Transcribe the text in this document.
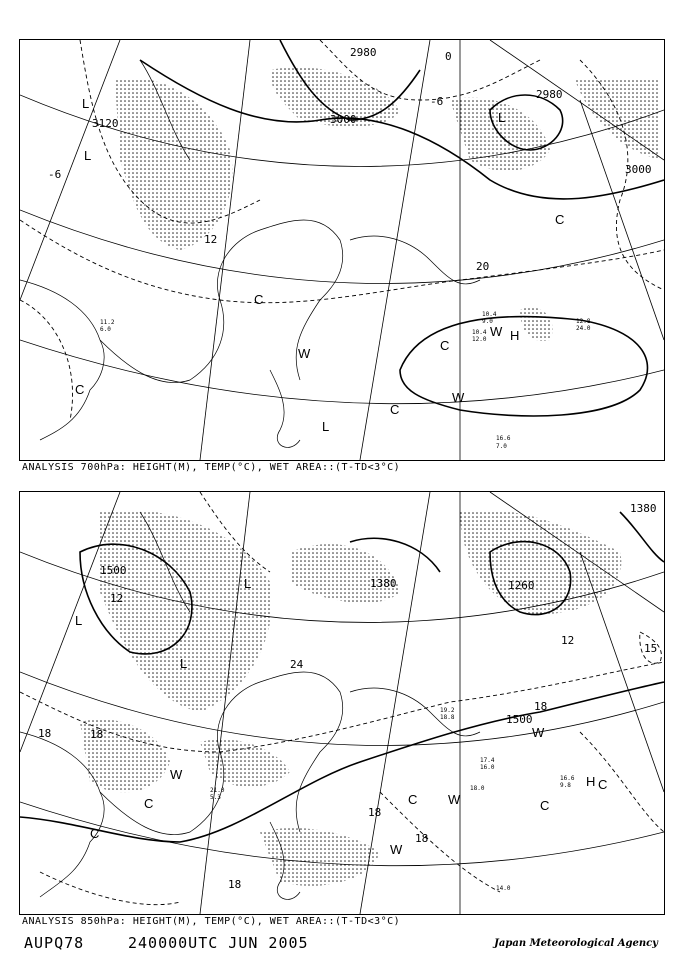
3000
3000
3120
2980
2980
0
-6
12
20
-6
L
L
L
L
H
W
W
C
C
C
C
W
C
10.4
9.0
10.4
12.0
12.8
24.0
16.6
7.0
11.2
6.0
ANALYSIS 700hPa: HEIGHT(M), TEMP(°C), WET AREA::(T-TD<3°C)
1500
1500
1380	1260
1380
18	18
24
12
18
18
18
12
18
15
L
L
L
H
W
W
W
W
C	C
C
C
C
19.2
18.8
16.6
9.8
17.4
16.0
18.0
21.0
5.3
14.0
ANALYSIS 850hPa: HEIGHT(M), TEMP(°C), WET AREA::(T-TD<3°C)
AUPQ78	240000UTC JUN 2005	Japan Meteorological Agency
